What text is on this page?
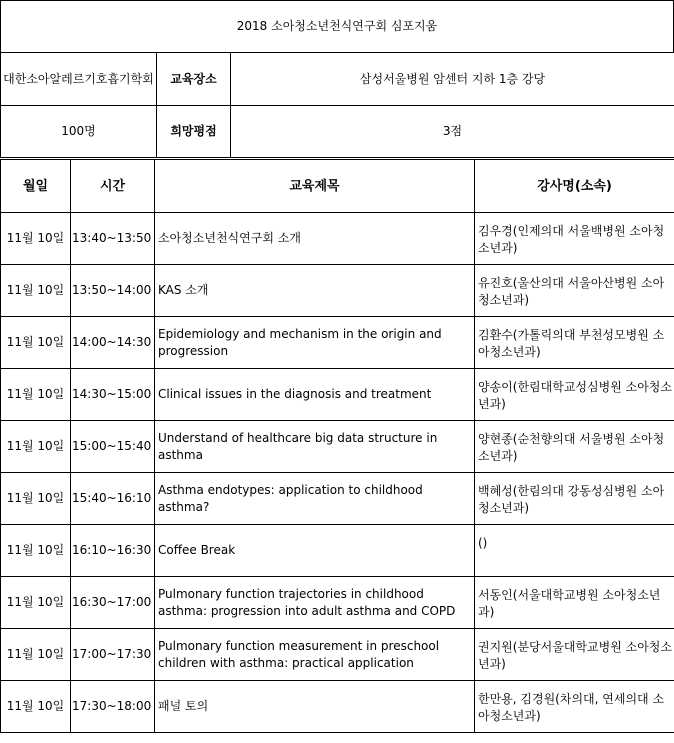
2018 소아청소년천식연구회 심포지움
대한소아알레르기호흡기학회	교육장소	삼성서울병원 암센터 지하 1층 강당
100명	희망평점	3점
월일	시간	교육제목	강사명(소속)
11월 10일	13:40~13:50	소아청소년천식연구회 소개	김우경(인제의대 서울백병원 소아청소년과)
11월 10일	13:50~14:00	KAS 소개	유진호(울산의대 서울아산병원 소아청소년과)
11월 10일	14:00~14:30	Epidemiology and mechanism in the origin and progression	김환수(가톨릭의대 부천성모병원 소아청소년과)
11월 10일	14:30~15:00	Clinical issues in the diagnosis and treatment	양송이(한림대학교성심병원 소아청소년과)
11월 10일	15:00~15:40	Understand of healthcare big data structure in asthma	양현종(순천향의대 서울병원 소아청소년과)
11월 10일	15:40~16:10	Asthma endotypes: application to childhood asthma?	백혜성(한림의대 강동성심병원 소아청소년과)
11월 10일	16:10~16:30	Coffee Break	()
11월 10일	16:30~17:00	Pulmonary function trajectories in childhood asthma: progression into adult asthma and COPD	서동인(서울대학교병원 소아청소년과)
11월 10일	17:00~17:30	Pulmonary function measurement in preschool children with asthma: practical application	권지원(분당서울대학교병원 소아청소년과)
11월 10일	17:30~18:00	패널 토의	한만용, 김경원(차의대, 연세의대 소아청소년과)
